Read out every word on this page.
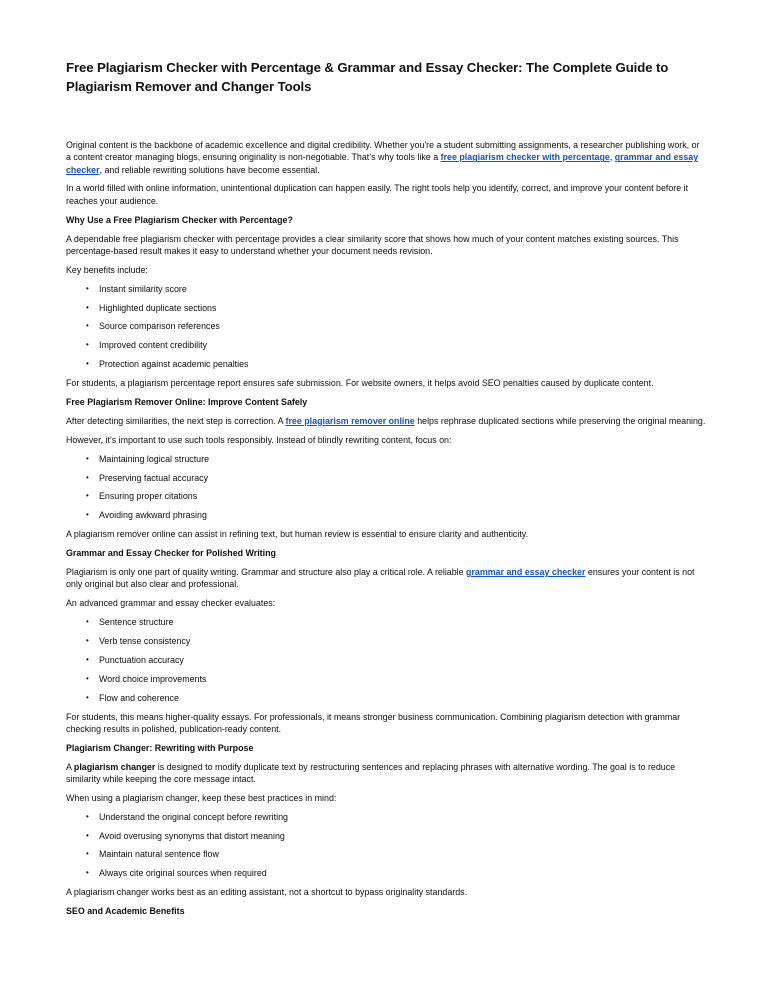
Free Plagiarism Checker with Percentage & Grammar and Essay Checker: The Complete Guide to Plagiarism Remover and Changer Tools

Original content is the backbone of academic excellence and digital credibility. Whether you're a student submitting assignments, a researcher publishing work, or a content creator managing blogs, ensuring originality is non-negotiable. That’s why tools like a free plagiarism checker with percentage, grammar and essay checker, and reliable rewriting solutions have become essential.

In a world filled with online information, unintentional duplication can happen easily. The right tools help you identify, correct, and improve your content before it reaches your audience.

Why Use a Free Plagiarism Checker with Percentage?

A dependable free plagiarism checker with percentage provides a clear similarity score that shows how much of your content matches existing sources. This percentage-based result makes it easy to understand whether your document needs revision.

Key benefits include:

• Instant similarity score
• Highlighted duplicate sections
• Source comparison references
• Improved content credibility
• Protection against academic penalties

For students, a plagiarism percentage report ensures safe submission. For website owners, it helps avoid SEO penalties caused by duplicate content.

Free Plagiarism Remover Online: Improve Content Safely

After detecting similarities, the next step is correction. A free plagiarism remover online helps rephrase duplicated sections while preserving the original meaning.

However, it’s important to use such tools responsibly. Instead of blindly rewriting content, focus on:

• Maintaining logical structure
• Preserving factual accuracy
• Ensuring proper citations
• Avoiding awkward phrasing

A plagiarism remover online can assist in refining text, but human review is essential to ensure clarity and authenticity.

Grammar and Essay Checker for Polished Writing

Plagiarism is only one part of quality writing. Grammar and structure also play a critical role. A reliable grammar and essay checker ensures your content is not only original but also clear and professional.

An advanced grammar and essay checker evaluates:

• Sentence structure
• Verb tense consistency
• Punctuation accuracy
• Word choice improvements
• Flow and coherence

For students, this means higher-quality essays. For professionals, it means stronger business communication. Combining plagiarism detection with grammar checking results in polished, publication-ready content.

Plagiarism Changer: Rewriting with Purpose

A plagiarism changer is designed to modify duplicate text by restructuring sentences and replacing phrases with alternative wording. The goal is to reduce similarity while keeping the core message intact.

When using a plagiarism changer, keep these best practices in mind:

• Understand the original concept before rewriting
• Avoid overusing synonyms that distort meaning
• Maintain natural sentence flow
• Always cite original sources when required

A plagiarism changer works best as an editing assistant, not a shortcut to bypass originality standards.

SEO and Academic Benefits
